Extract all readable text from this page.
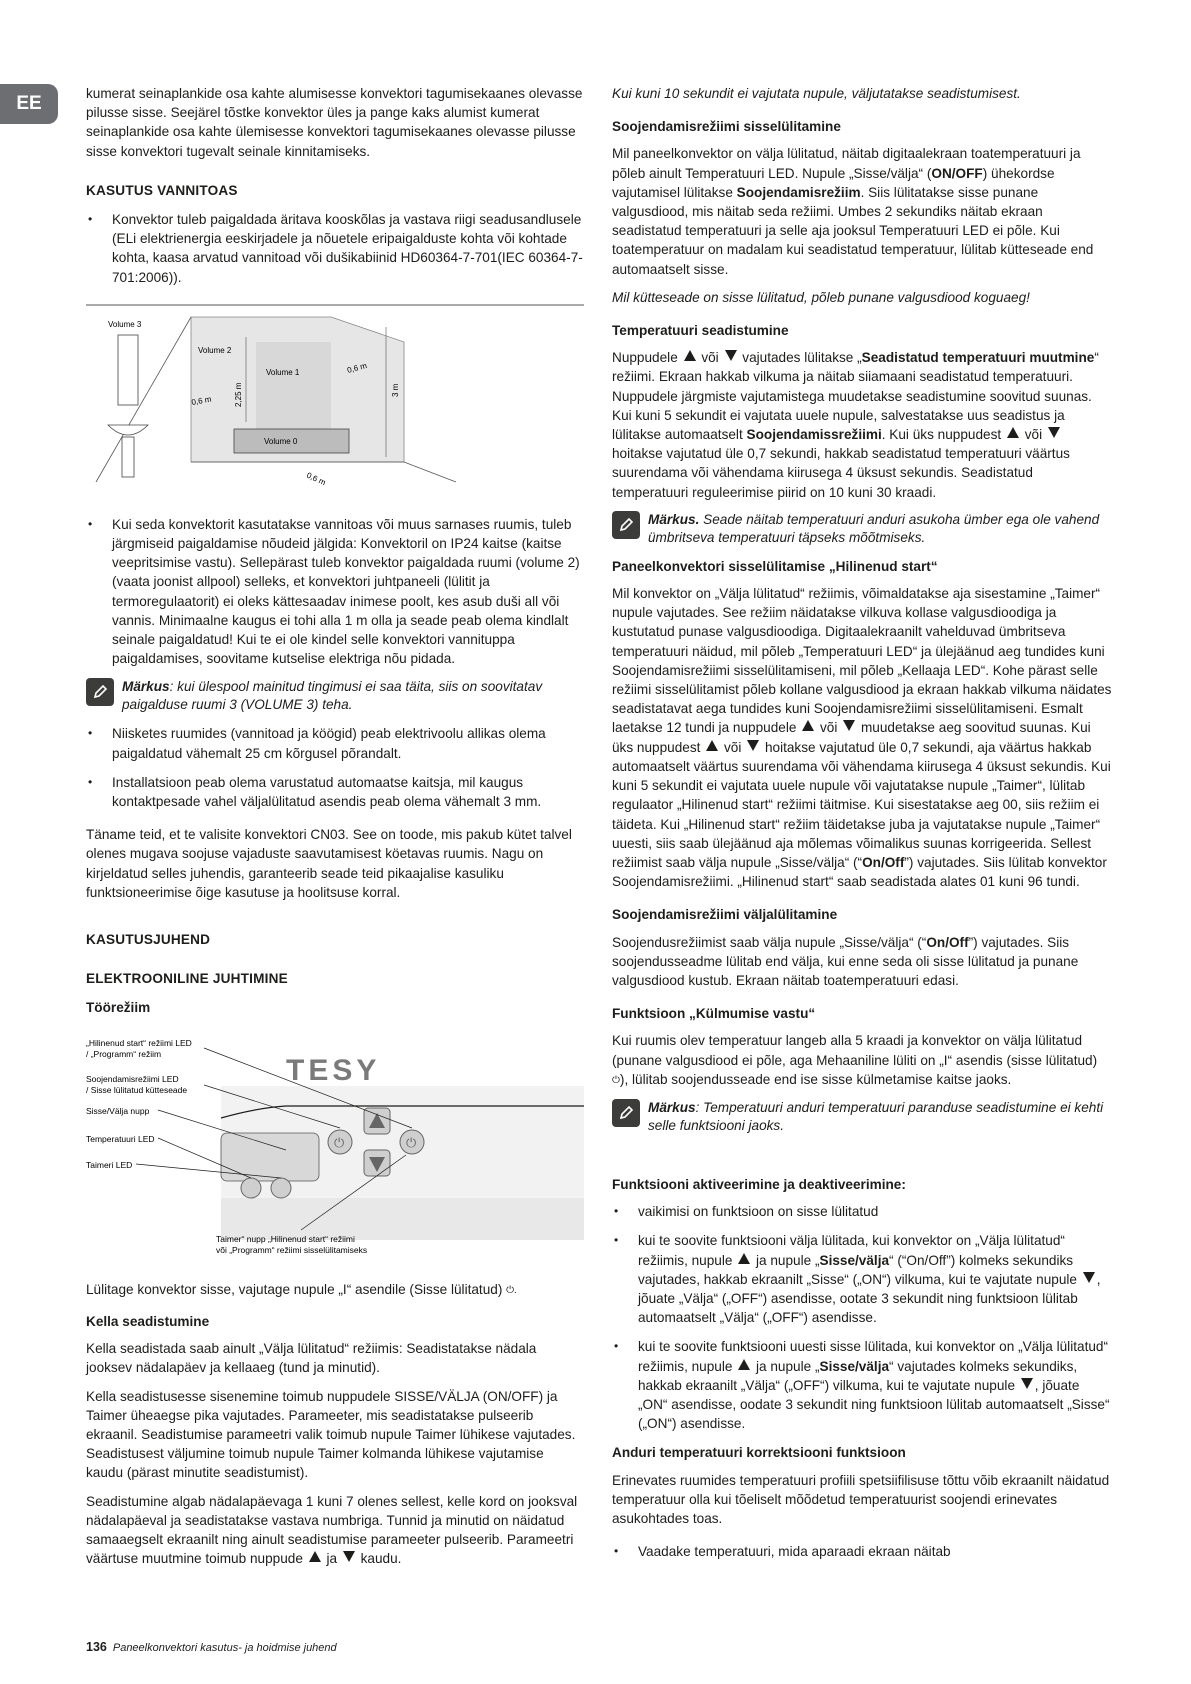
EE	kumerat seinaplankide osa kahte alumisesse konvektori tagumisekaanes olevasse pilusse sisse. Seejärel tõstke konvektor üles ja pange kaks alumist kumerat seinaplankide osa kahte ülemisesse konvektori tagumisekaanes olevasse pilusse sisse konvektori tugevalt seinale kinnitamiseks.

KASUTUS VANNITOAS
• Konvektor tuleb paigaldada äritava kooskõlas ja vastava riigi seadusandlusele (ELi elektrienergia eeskirjadele ja nõuetele eripaigalduste kohta või kohtade kohta, kaasa arvatud vannitoad või dušikabiinid HD60364-7-701(IEC 60364-7-701:2006)).
Volume 3
Volume 2
Volume 1
Volume 0
0,6 m
0,6 m
0,6 m
2,25 m	3 m
• Kui seda konvektorit kasutatakse vannitoas või muus sarnases ruumis, tuleb järgmiseid paigaldamise nõudeid jälgida: Konvektoril on IP24 kaitse (kaitse veepritsimise vastu). Sellepärast tuleb konvektor paigaldada ruumi (volume 2) (vaata joonist allpool) selleks, et konvektori juhtpaneeli (lülitit ja termoregulaatorit) ei oleks kättesaadav inimese poolt, kes asub duši all või vannis. Minimaalne kaugus ei tohi alla 1 m olla ja seade peab olema kindlalt seinale paigaldatud! Kui te ei ole kindel selle konvektori vannituppa paigaldamises, soovitame kutselise elektriga nõu pidada.
Märkus: kui ülespool mainitud tingimusi ei saa täita, siis on soovitatav paigalduse ruumi 3 (VOLUME 3) teha.
• Niisketes ruumides (vannitoad ja köögid) peab elektrivoolu allikas olema paigaldatud vähemalt 25 cm kõrgusel põrandalt.
• Installatsioon peab olema varustatud automaatse kaitsja, mil kaugus kontaktpesade vahel väljalülitatud asendis peab olema vähemalt 3 mm.

Täname teid, et te valisite konvektori CN03. See on toode, mis pakub kütet talvel olenes mugava soojuse vajaduste saavutamisest köetavas ruumis. Nagu on kirjeldatud selles juhendis, garanteerib seade teid pikaajalise kasuliku funktsioneerimise õige kasutuse ja hoolitsuse korral.

KASUTUSJUHEND
ELEKTROONILINE JUHTIMINE
Töörežiim
TESY
⏻	⏻
„Hilinenud start“ režiimi LED
/ „Programm“ režiim
Soojendamisrežiimi LED
/ Sisse lülitatud kütteseade
Sisse/Välja nupp
Temperatuuri LED
Taimeri LED
Taimer“ nupp „Hilinenud start“ režiimi
või „Programm“ režiimi sisselülitamiseks

Lülitage konvektor sisse, vajutage nupule „I“ asendile (Sisse lülitatud) ⏻.

Kella seadistumine

Kella seadistada saab ainult „Välja lülitatud“ režiimis: Seadistatakse nädala jooksev nädalapäev ja kellaaeg (tund ja minutid).

Kella seadistusesse sisenemine toimub nuppudele SISSE/VÄLJA (ON/OFF) ja Taimer üheaegse pika vajutades. Parameeter, mis seadistatakse pulseerib ekraanil. Seadistumise parameetri valik toimub nupule Taimer lühikese vajutades. Seadistusest väljumine toimub nupule Taimer kolmanda lühikese vajutamise kaudu (pärast minutite seadistumist).

Seadistumine algab nädalapäevaga 1 kuni 7 olenes sellest, kelle kord on jooksval nädalapäeval ja seadistatakse vastava numbriga. Tunnid ja minutid on näidatud samaaegselt ekraanilt ning ainult seadistumise parameeter pulseerib. Parameetri väärtuse muutmine toimub nuppude ja kaudu.

Kui kuni 10 sekundit ei vajutata nupule, väljutatakse seadistumisest.

Soojendamisrežiimi sisselülitamine

Mil paneelkonvektor on välja lülitatud, näitab digitaalekraan toatemperatuuri ja põleb ainult Temperatuuri LED. Nupule „Sisse/välja“ (ON/OFF) ühekordse vajutamisel lülitakse Soojendamisrežiim. Siis lülitatakse sisse punane valgusdiood, mis näitab seda režiimi. Umbes 2 sekundiks näitab ekraan seadistatud temperatuuri ja selle aja jooksul Temperatuuri LED ei põle. Kui toatemperatuur on madalam kui seadistatud temperatuur, lülitab kütteseade end automaatselt sisse.

Mil kütteseade on sisse lülitatud, põleb punane valgusdiood koguaeg!

Temperatuuri seadistumine

Nuppudele või vajutades lülitakse „Seadistatud temperatuuri muutmine“ režiimi. Ekraan hakkab vilkuma ja näitab siiamaani seadistatud temperatuuri. Nuppudele järgmiste vajutamistega muudetakse seadistumine soovitud suunas. Kui kuni 5 sekundit ei vajutata uuele nupule, salvestatakse uus seadistus ja lülitakse automaatselt Soojendamissrežiimi. Kui üks nuppudest või  hoitakse vajutatud üle 0,7 sekundi, hakkab seadistatud temperatuuri väärtus suurendama või vähendama kiirusega 4 üksust sekundis. Seadistatud temperatuuri reguleerimise piirid on 10 kuni 30 kraadi.

Märkus. Seade näitab temperatuuri anduri asukoha ümber ega ole vahend ümbritseva temperatuuri täpseks mõõtmiseks.
Paneelkonvektori sisselülitamise „Hilinenud start“

Mil konvektor on „Välja lülitatud“ režiimis, võimaldatakse aja sisestamine „Taimer“ nupule vajutades. See režiim näidatakse vilkuva kollase valgusdioodiga ja kustutatud punase valgusdioodiga. Digitaalekraanilt vahelduvad ümbritseva temperatuuri näidud, mil põleb „Temperatuuri LED“ ja ülejäänud aeg tundides kuni Soojendamisrežiimi sisselülitamiseni, mil põleb „Kellaaja LED“. Kohe pärast selle režiimi sisselülitamist põleb kollane valgusdiood ja ekraan hakkab vilkuma näidates seadistatavat aega tundides kuni Soojendamisrežiimi sisselülitamiseni. Esmalt laetakse 12 tundi ja nuppudele või muudetakse aeg soovitud suunas. Kui üks nuppudest või hoitakse vajutatud üle 0,7 sekundi, aja väärtus hakkab automaatselt väärtus suurendama või vähendama kiirusega 4 üksust sekundis. Kui kuni 5 sekundit ei vajutata uuele nupule või vajutatakse nupule „Taimer“, lülitab regulaator „Hilinenud start“ režiimi täitmise. Kui sisestatakse aeg 00, siis režiim ei täideta. Kui „Hilinenud start“ režiim täidetakse juba ja vajutatakse nupule „Taimer“ uuesti, siis saab ülejäänud aja mõlemas võimalikus suunas korrigeerida. Sellest režiimist saab välja nupule „Sisse/välja“ (“On/Off”) vajutades. Siis lülitab konvektor Soojendamisrežiimi. „Hilinenud start“ saab seadistada alates 01 kuni 96 tundi.

Soojendamisrežiimi väljalülitamine

Soojendusrežiimist saab välja nupule „Sisse/välja“ (“On/Off”) vajutades. Siis soojendusseadme lülitab end välja, kui enne seda oli sisse lülitatud ja punane valgusdiood kustub. Ekraan näitab toatemperatuuri edasi.

Funktsioon „Külmumise vastu“

Kui ruumis olev temperatuur langeb alla 5 kraadi ja konvektor on välja lülitatud (punane valgusdiood ei põle, aga Mehaaniline lüliti on „I“ asendis (sisse lülitatud) ⏻), lülitab soojendusseade end ise sisse külmetamise kaitse jaoks.

Märkus: Temperatuuri anduri temperatuuri paranduse seadistumine ei kehti selle funktsiooni jaoks.
Funktsiooni aktiveerimine ja deaktiveerimine:
• vaikimisi on funktsioon on sisse lülitatud
• kui te soovite funktsiooni välja lülitada, kui konvektor on „Välja lülitatud“ režiimis, nupule ja nupule „Sisse/välja“ (“On/Off”) kolmeks sekundiks vajutades, hakkab ekraanilt „Sisse“ („ON“) vilkuma, kui te vajutate nupule , jõuate „Välja“ („OFF“) asendisse, ootate 3 sekundit ning funktsioon lülitab automaatselt „Välja“ („OFF“) asendisse.
• kui te soovite funktsiooni uuesti sisse lülitada, kui konvektor on „Välja lülitatud“ režiimis, nupule ja nupule „Sisse/välja“ vajutades kolmeks sekundiks, hakkab ekraanilt „Välja“ („OFF“) vilkuma, kui te vajutate nupule , jõuate „ON“ asendisse, oodate 3 sekundit ning funktsioon lülitab automaatselt „Sisse“ („ON“) asendisse.
Anduri temperatuuri korrektsiooni funktsioon

Erinevates ruumides temperatuuri profiili spetsiifilisuse tõttu võib ekraanilt näidatud temperatuur olla kui tõeliselt mõõdetud temperatuurist soojendi erinevates asukohtades toas.

• Vaadake temperatuuri, mida aparaadi ekraan näitab
136 Paneelkonvektori kasutus- ja hoidmise juhend
